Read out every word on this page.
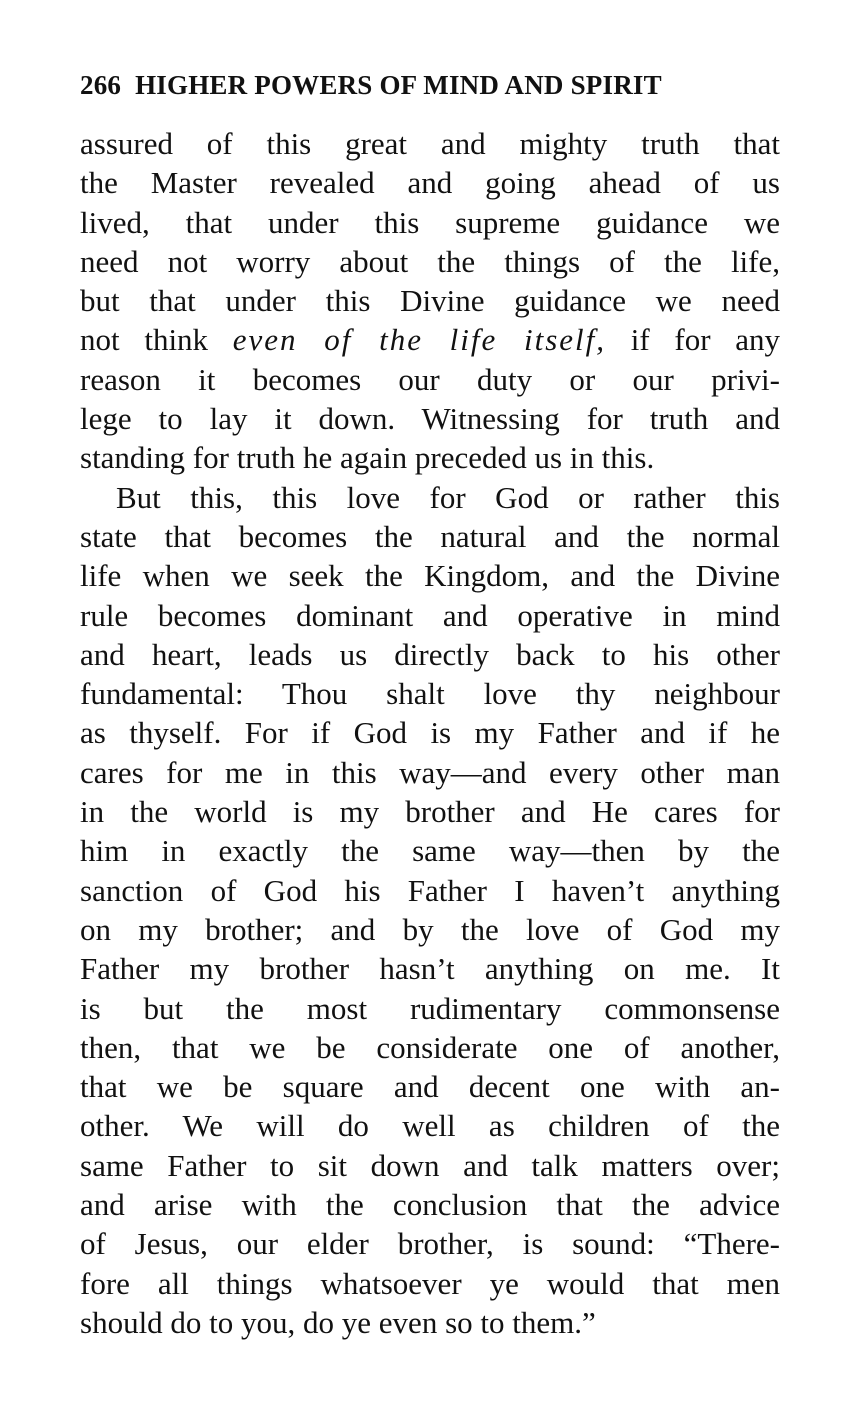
266 HIGHER POWERS OF MIND AND SPIRIT
assured of this great and mighty truth that
the Master revealed and going ahead of us
lived, that under this supreme guidance we
need not worry about the things of the life,
but that under this Divine guidance we need
not think even of the life itself, if for any
reason it becomes our duty or our privi-
lege to lay it down. Witnessing for truth and
standing for truth he again preceded us in this.
But this, this love for God or rather this
state that becomes the natural and the normal
life when we seek the Kingdom, and the Divine
rule becomes dominant and operative in mind
and heart, leads us directly back to his other
fundamental: Thou shalt love thy neighbour
as thyself. For if God is my Father and if he
cares for me in this way—and every other man
in the world is my brother and He cares for
him in exactly the same way—then by the
sanction of God his Father I haven’t anything
on my brother; and by the love of God my
Father my brother hasn’t anything on me. It
is but the most rudimentary commonsense
then, that we be considerate one of another,
that we be square and decent one with an-
other. We will do well as children of the
same Father to sit down and talk matters over;
and arise with the conclusion that the advice
of Jesus, our elder brother, is sound: “There-
fore all things whatsoever ye would that men
should do to you, do ye even so to them.”
